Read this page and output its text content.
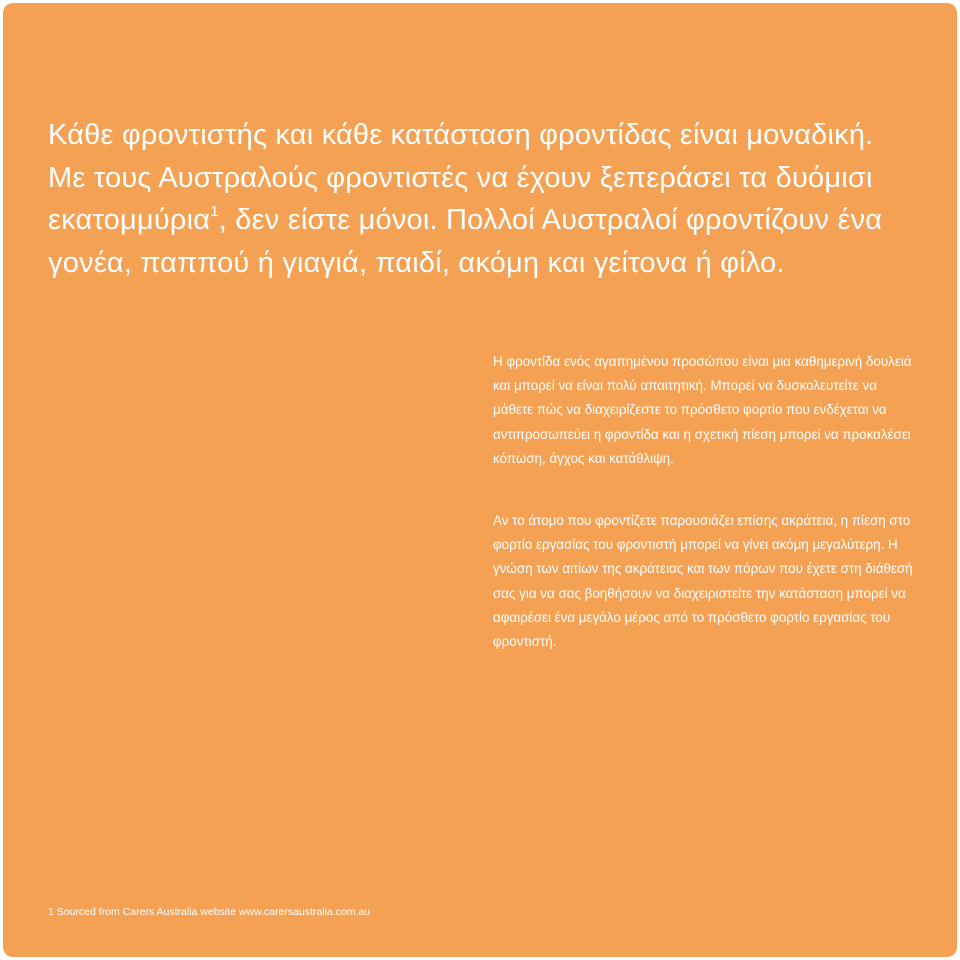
Κάθε φροντιστής και κάθε κατάσταση φροντίδας είναι μοναδική. Με τους Αυστραλούς φροντιστές να έχουν ξεπεράσει τα δυόμισι εκατομμύρια$^1$, δεν είστε μόνοι. Πολλοί Αυστραλοί φροντίζουν ένα γονέα, παππού ή γιαγιά, παιδί, ακόμη και γείτονα ή φίλο.

Η φροντίδα ενός αγαπημένου προσώπου είναι μια καθημερινή δουλειά και μπορεί να είναι πολύ απαιτητική. Μπορεί να δυσκολευτείτε να μάθετε πώς να διαχειρίζεστε το πρόσθετο φορτίο που ενδέχεται να αντιπροσωπεύει η φροντίδα και η σχετική πίεση μπορεί να προκαλέσει κόπωση, άγχος και κατάθλιψη.

Αν το άτομο που φροντίζετε παρουσιάζει επίσης ακράτεια, η πίεση στο φορτίο εργασίας του φροντιστή μπορεί να γίνει ακόμη μεγαλύτερη. Η γνώση των αιτίων της ακράτειας και των πόρων που έχετε στη διάθεσή σας για να σας βοηθήσουν να διαχειριστείτε την κατάσταση μπορεί να αφαιρέσει ένα μεγάλο μέρος από το πρόσθετο φορτίο εργασίας του φροντιστή.

1 Sourced from Carers Australia website www.carersaustralia.com.au
